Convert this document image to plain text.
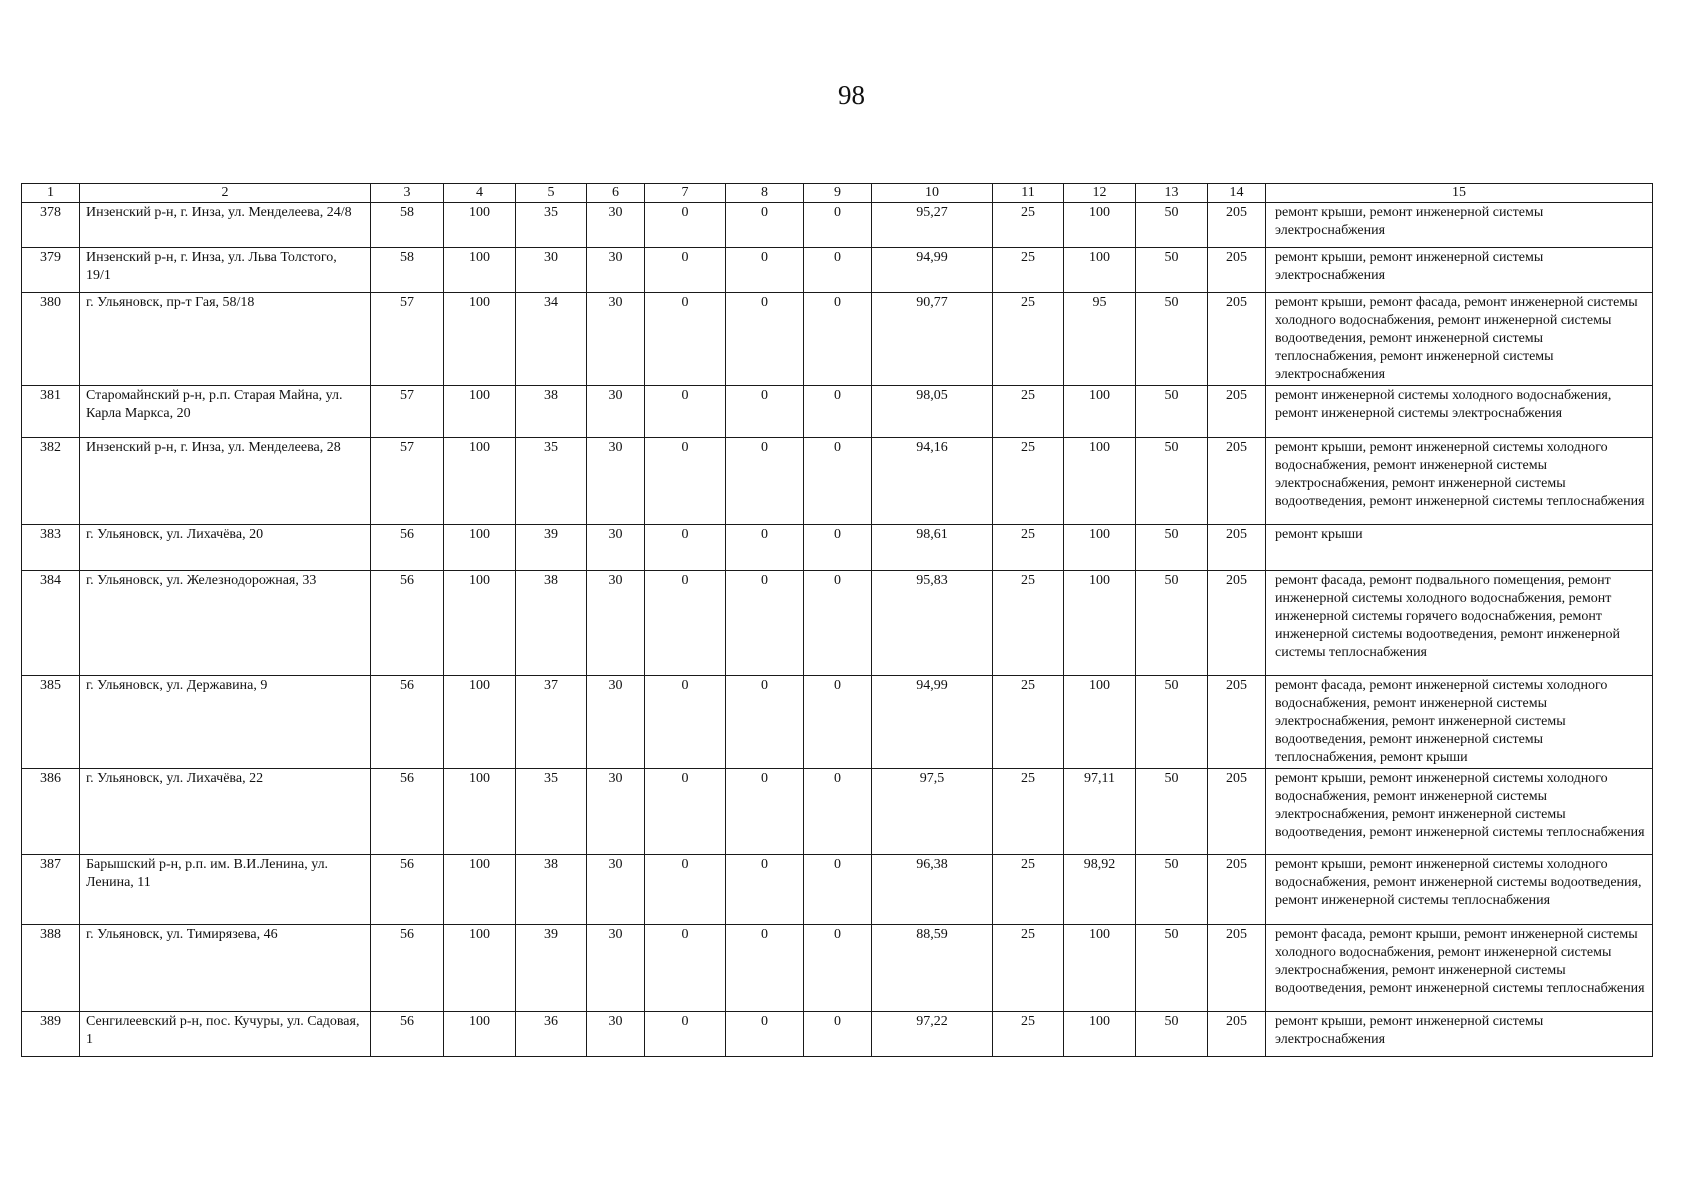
98
1	2	3	4	5	6	7	8	9	10	11	12	13	14	15
378	Инзенский р-н, г. Инза, ул. Менделеева, 24/8	58	100	35	30	0	0	0	95,27	25	100	50	205	ремонт крыши, ремонт инженерной системы электроснабжения
379	Инзенский р-н, г. Инза, ул. Льва Толстого, 19/1	58	100	30	30	0	0	0	94,99	25	100	50	205	ремонт крыши, ремонт инженерной системы электроснабжения
380	г. Ульяновск, пр-т Гая, 58/18	57	100	34	30	0	0	0	90,77	25	95	50	205	ремонт крыши, ремонт фасада, ремонт инженерной системы холодного водоснабжения, ремонт инженерной системы водоотведения, ремонт инженерной системы теплоснабжения, ремонт инженерной системы электроснабжения
381	Старомайнский р-н, р.п. Старая Майна, ул. Карла Маркса, 20	57	100	38	30	0	0	0	98,05	25	100	50	205	ремонт инженерной системы холодного водоснабжения, ремонт инженерной системы электроснабжения
382	Инзенский р-н, г. Инза, ул. Менделеева, 28	57	100	35	30	0	0	0	94,16	25	100	50	205	ремонт крыши, ремонт инженерной системы холодного водоснабжения, ремонт инженерной системы электроснабжения, ремонт инженерной системы водоотведения, ремонт инженерной системы теплоснабжения
383	г. Ульяновск, ул. Лихачёва, 20	56	100	39	30	0	0	0	98,61	25	100	50	205	ремонт крыши
384	г. Ульяновск, ул. Железнодорожная, 33	56	100	38	30	0	0	0	95,83	25	100	50	205	ремонт фасада, ремонт подвального помещения, ремонт инженерной системы холодного водоснабжения, ремонт инженерной системы горячего водоснабжения, ремонт инженерной системы водоотведения, ремонт инженерной системы теплоснабжения
385	г. Ульяновск, ул. Державина, 9	56	100	37	30	0	0	0	94,99	25	100	50	205	ремонт фасада, ремонт инженерной системы холодного водоснабжения, ремонт инженерной системы электроснабжения, ремонт инженерной системы водоотведения, ремонт инженерной системы теплоснабжения, ремонт крыши
386	г. Ульяновск, ул. Лихачёва, 22	56	100	35	30	0	0	0	97,5	25	97,11	50	205	ремонт крыши, ремонт инженерной системы холодного водоснабжения, ремонт инженерной системы электроснабжения, ремонт инженерной системы водоотведения, ремонт инженерной системы теплоснабжения
387	Барышский р-н, р.п. им. В.И.Ленина, ул. Ленина, 11	56	100	38	30	0	0	0	96,38	25	98,92	50	205	ремонт крыши, ремонт инженерной системы холодного водоснабжения, ремонт инженерной системы водоотведения, ремонт инженерной системы теплоснабжения
388	г. Ульяновск, ул. Тимирязева, 46	56	100	39	30	0	0	0	88,59	25	100	50	205	ремонт фасада, ремонт крыши, ремонт инженерной системы холодного водоснабжения, ремонт инженерной системы электроснабжения, ремонт инженерной системы водоотведения, ремонт инженерной системы теплоснабжения
389	Сенгилеевский р-н, пос. Кучуры, ул. Садовая, 1	56	100	36	30	0	0	0	97,22	25	100	50	205	ремонт крыши, ремонт инженерной системы электроснабжения
